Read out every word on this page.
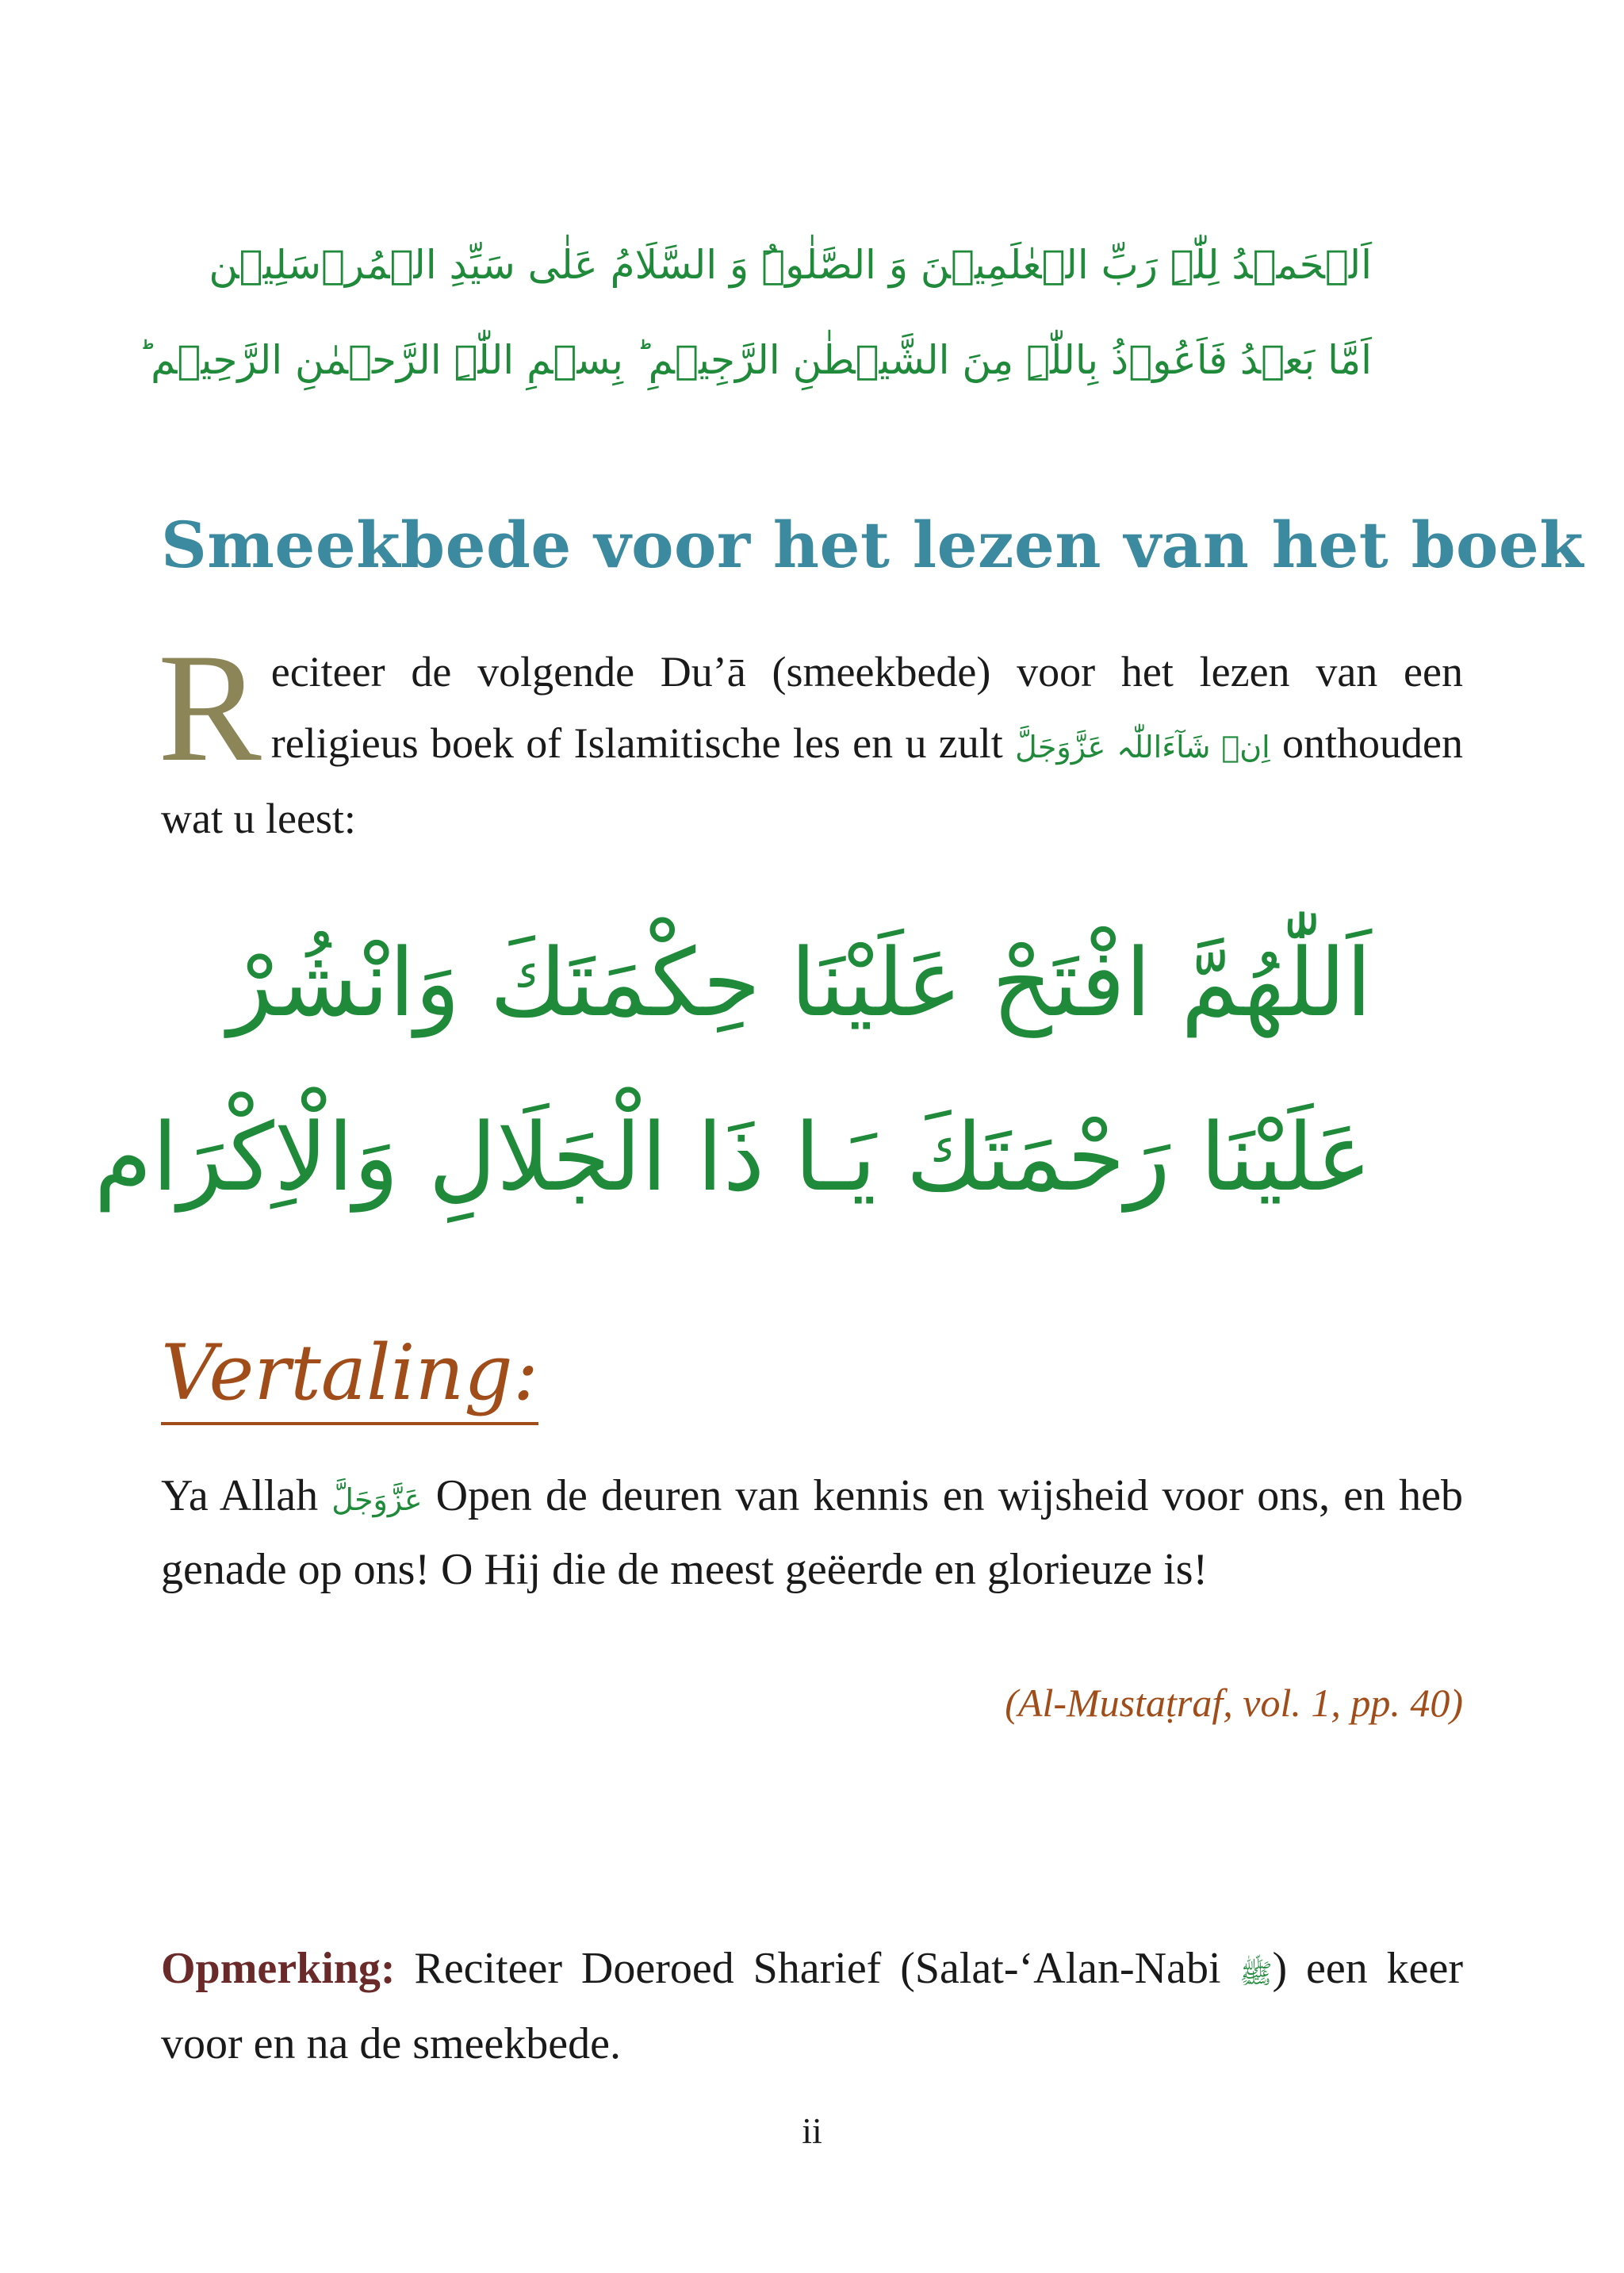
اَلۡحَمۡدُ لِلّٰہِ رَبِّ الۡعٰلَمِیۡنَ وَ الصَّلٰوۃُ وَ السَّلَامُ عَلٰی سَیِّدِ الۡمُرۡسَلِیۡن
اَمَّا بَعۡدُ فَاَعُوۡذُ بِاللّٰہِ مِنَ الشَّیۡطٰنِ الرَّجِیۡمِ ؕ بِسۡمِ اللّٰہِ الرَّحۡمٰنِ الرَّحِیۡم ؕ
Smeekbede voor het lezen van het boek
Reciteer de volgende Du’ā (smeekbede) voor het lezen van een religieus boek of Islamitische les en u zult اِنۡ شَآءَاللّٰہ عَزَّوَجَلَّ onthouden wat u leest:
اَللّٰهُمَّ افْتَحْ عَلَيْنَا حِكْمَتَكَ وَانْشُرْ
عَلَيْنَا رَحْمَتَكَ يَـا ذَا الْجَلَالِ وَالْاِكْرَام
Vertaling:
Ya Allah عَزَّوَجَلَّ Open de deuren van kennis en wijsheid voor ons, en heb genade op ons! O Hij die de meest geëerde en glorieuze is!
(Al-Mustaṭraf, vol. 1, pp. 40)
Opmerking: Reciteer Doeroed Sharief (Salat-‘Alan-Nabi ﷺ) een keer voor en na de smeekbede.
ii
